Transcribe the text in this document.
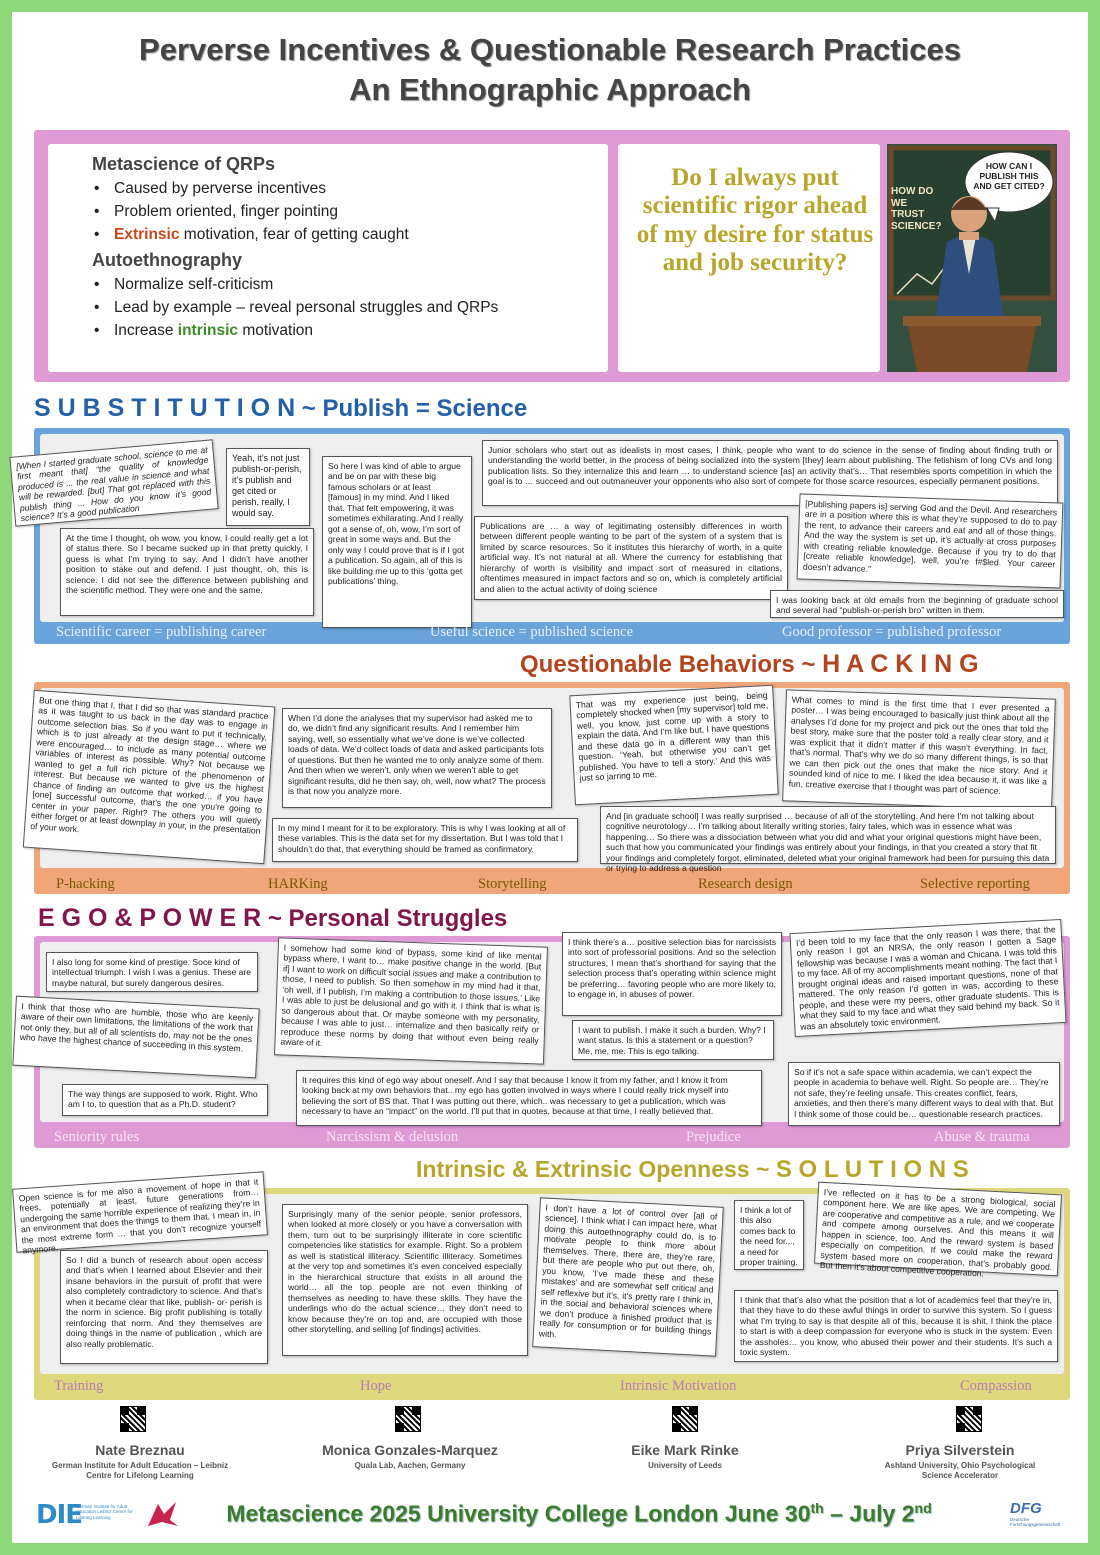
Perverse Incentives & Questionable Research Practices
An Ethnographic Approach
Metascience of QRPs
• Caused by perverse incentives
• Problem oriented, finger pointing
• Extrinsic motivation, fear of getting caught
Autoethnography
• Normalize self-criticism
• Lead by example – reveal personal struggles and QRPs
• Increase intrinsic motivation
Do I always put scientific rigor ahead of my desire for status and job security?
HOW DO WE TRUST SCIENCE?
HOW CAN I PUBLISH THIS AND GET CITED?
S U B S T I T U T I O N ~ Publish = Science
[When I started graduate school, science to me at first meant that] “the quality of knowledge produced is ... the real value in science and what will be rewarded. [but] That got replaced with this publish thing ... How do you know it’s good science? It’s a good publication
Yeah, it’s not just publish-or-perish, it’s publish and get cited or perish, really, I would say.
So here I was kind of able to argue and be on par with these big famous scholars or at least [famous] in my mind. And I liked that. That felt empowering, it was sometimes exhilarating. And I really got a sense of, oh, wow, I’m sort of great in some ways and. But the only way I could prove that is if I got a publication. So again, all of this is like building me up to this ‘gotta get publications’ thing.
Junior scholars who start out as idealists in most cases, I think, people who want to do science in the sense of finding about finding truth or understanding the world better, in the process of being socialized into the system [they] learn about publishing. The fetishism of long CVs and long publication lists. So they internalize this and learn … to understand science [as] an activity that’s… That resembles sports competition in which the goal is to … succeed and out outmaneuver your opponents who also sort of compete for those scarce resources, especially permanent positions.
At the time I thought, oh wow, you know, I could really get a lot of status there. So I became sucked up in that pretty quickly, I guess is what I’m trying to say. And I didn’t have another position to stake out and defend. I just thought, oh, this is science. I did not see the difference between publishing and the scientific method. They were one and the same.
Publications are … a way of legitimating ostensibly differences in worth between different people wanting to be part of the system of a system that is limited by scarce resources. So it institutes this hierarchy of worth, in a quite artificial way. It’s not natural at all. Where the currency for establishing that hierarchy of worth is visibility and impact sort of measured in citations, oftentimes measured in impact factors and so on, which is completely artificial and alien to the actual activity of doing science
[Publishing papers is] serving God and the Devil. And researchers are in a position where this is what they’re supposed to do to pay the rent, to advance their careers and eat and all of those things. And the way the system is set up, it’s actually at cross purposes with creating reliable knowledge. Because if you try to do that [create reliable knowledge], well, you’re f#$led. Your career doesn’t advance.”
I was looking back at old emails from the beginning of graduate school and several had “publish-or-perish bro” written in them.
Scientific career = publishing career	Useful science = published science	Good professor = published professor
Questionable Behaviors ~ H A C K I N G
But one thing that I, that I did so that was standard practice as it was taught to us back in the day was to engage in outcome selection bias. So if you want to put it technically, which is to just already at the design stage… where we were encouraged… to include as many potential outcome variables of interest as possible. Why? Not because we wanted to get a full rich picture of the phenomenon of interest. But because we wanted to give us the highest chance of finding an outcome that worked… if you have [one] successful outcome, that’s the one you’re going to center in your paper. Right? The others you will quietly either forget or at least downplay in your, in the presentation of your work.
When I’d done the analyses that my supervisor had asked me to do, we didn’t find any significant results. And I remember him saying, well, so essentially what we’ve done is we’ve collected loads of data. We’d collect loads of data and asked participants lots of questions. But then he wanted me to only analyze some of them. And then when we weren’t, only when we weren’t able to get significant results, did he then say, oh, well, now what? The process is that now you analyze more.
In my mind I meant for it to be exploratory. This is why I was looking at all of these variables. This is the data set for my dissertation. But I was told that I shouldn’t do that, that everything should be framed as confirmatory.
That was my experience just being, being completely shocked when [my supervisor] told me, well, you know, just come up with a story to explain the data. And I’m like but, I have questions and these data go in a different way than this question. ‘Yeah, but otherwise you can’t get published. You have to tell a story.’ And this was just so jarring to me.
What comes to mind is the first time that I ever presented a poster… I was being encouraged to basically just think about all the analyses I’d done for my project and pick out the ones that told the best story, make sure that the poster told a really clear story, and it was explicit that it didn’t matter if this wasn’t everything. In fact, that’s normal. That’s why we do so many different things, is so that we can then pick out the ones that make the nice story. And it sounded kind of nice to me. I liked the idea because it, it was like a fun, creative exercise that I thought was part of science.
And [in graduate school] I was really surprised … because of all of the storytelling. And here I’m not talking about cognitive neurotology… I’m talking about literally writing stories, fairy tales, which was in essence what was happening… So there was a dissociation between what you did and what your original questions might have been, such that how you communicated your findings was entirely about your findings, in that you created a story that fit your findings and completely forgot, eliminated, deleted what your original framework had been for pursuing this data or trying to address a question
P-hacking	HARKing	Storytelling	Research design	Selective reporting
E G O & P O W E R ~ Personal Struggles
I also long for some kind of prestige. Soce kind of intellectual triumph. I wish I was a genius. These are maybe natural, but surely dangerous desires.
I somehow had some kind of bypass, some kind of like mental bypass where, I want to… make positive change in the world. [But if] I want to work on difficult social issues and make a contribution to those, I need to publish. So then somehow in my mind had it that, ‘oh well, if I publish, I’m making a contribution to those issues.’ Like I was able to just be delusional and go with it. I think that is what is so dangerous about that. Or maybe someone with my personality, because I was able to just… internalize and then basically reify or reproduce these norms by doing that without even being really aware of it.
I think there’s a… positive selection bias for narcissists into sort of professorial positions. And so the selection structures, I mean that’s shorthand for saying that the selection process that’s operating within science might be preferring… favoring people who are more likely to, to engage in, in abuses of power.
I’d been told to my face that the only reason I was there, that the only reason I got an NRSA, the only reason I gotten a Sage fellowship was because I was a woman and Chicana. I was told this to my face. All of my accomplishments meant nothing. The fact that I brought original ideas and raised important questions, none of that mattered. The only reason I’d gotten in was, according to these people, and these were my peers, other graduate students. This is what they said to my face and what they said behind my back. So it was an absolutely toxic environment.
I think that those who are humble, those who are keenly aware of their own limitations, the limitations of the work that not only they, but all of all scientists do, may not be the ones who have the highest chance of succeeding in this system.
I want to publish. I make it such a burden. Why? I want status. Is this a statement or a question? Me, me, me. This is ego talking.
The way things are supposed to work. Right. Who am I to, to question that as a Ph.D. student?
It requires this kind of ego way about oneself. And I say that because I know it from my father, and I know it from looking back at my own behaviors that.. my ego has gotten involved in ways where I could really trick myself into believing the sort of BS that. That I was putting out there, which.. was necessary to get a publication, which was necessary to have an “impact” on the world. I’ll put that in quotes, because at that time, I really believed that.
So if it’s not a safe space within academia, we can’t expect the people in academia to behave well. Right. So people are… They’re not safe, they’re feeling unsafe. This creates conflict, fears, anxieties, and then there’s many different ways to deal with that. But I think some of those could be… questionable research practices.
Seniority rules	Narcissism & delusion	Prejudice	Abuse & trauma
Intrinsic & Extrinsic Openness ~ S O L U T I O N S
Open science is for me also a movement of hope in that it frees, potentially at least, future generations from… undergoing the same horrible experience of realizing they’re in an environment that does the things to them that, I mean in, in the most extreme form … that you don’t recognize yourself anymore.
Surprisingly many of the senior people, senior professors, when looked at more closely or you have a conversation with them, turn out to be surprisingly illiterate in core scientific competencies like statistics for example. Right. So a problem as well is statistical illiteracy. Scientific illiteracy. Sometimes at the very top and sometimes it’s even conceived especially in the hierarchical structure that exists in all around the world… all the top people are not even thinking of themselves as needing to have these skills. They have the underlings who do the actual science… they don’t need to know because they’re on top and, are occupied with those other storytelling, and selling [of findings] activities.
I don’t have a lot of control over [all of science]. I think what I can impact here, what doing this autoethnography could do, is to motivate people to think more about themselves. There, there are, they’re rare, but there are people who put out there, oh, you know, ‘I’ve made these and these mistakes’ and are somewhat self critical and self reflexive but it’s, it’s pretty rare I think in, in the social and behavioral sciences where we don’t produce a finished product that is really for consumption or for building things with.
I think a lot of this also comes back to the need for..., a need for proper training.
I’ve reflected on it has to be a strong biological, social component here. We are like apes. We are competing. We are cooperative and competitive as a rule, and we cooperate and compete among ourselves. And this means it will happen in science, too. And the reward system is based especially on competition. If we could make the reward system based more on cooperation, that’s probably good. But then it’s about competitive cooperation.
So I did a bunch of research about open access and that’s when I learned about Elsevier and their insane behaviors in the pursuit of profit that were also completely contradictory to science. And that’s when it became clear that like, publish- or- perish is the norm in science. Big profit publishing is totally reinforcing that norm. And they themselves are doing things in the name of publication , which are also really problematic.
I think that that’s also what the position that a lot of academics feel that they’re in, that they have to do these awful things in order to survive this system. So I guess what I’m trying to say is that despite all of this, because it is shit, I think the place to start is with a deep compassion for everyone who is stuck in the system. Even the assholes… you know, who abused their power and their students. It’s such a toxic system.
Training	Hope	Intrinsic Motivation	Compassion
Nate Breznau
German Institute for Adult Education – Leibniz Centre for Lifelong Learning
Monica Gonzales-Marquez
Quala Lab, Aachen, Germany
Eike Mark Rinke
University of Leeds
Priya Silverstein
Ashland University, Ohio Psychological Science Accelerator
DIE
German Institute for Adult Education Leibniz Centre for Lifelong Learning
DFG
Deutsche Forschungsgemeinschaft
Metascience 2025 University College London June 30th – July 2nd
